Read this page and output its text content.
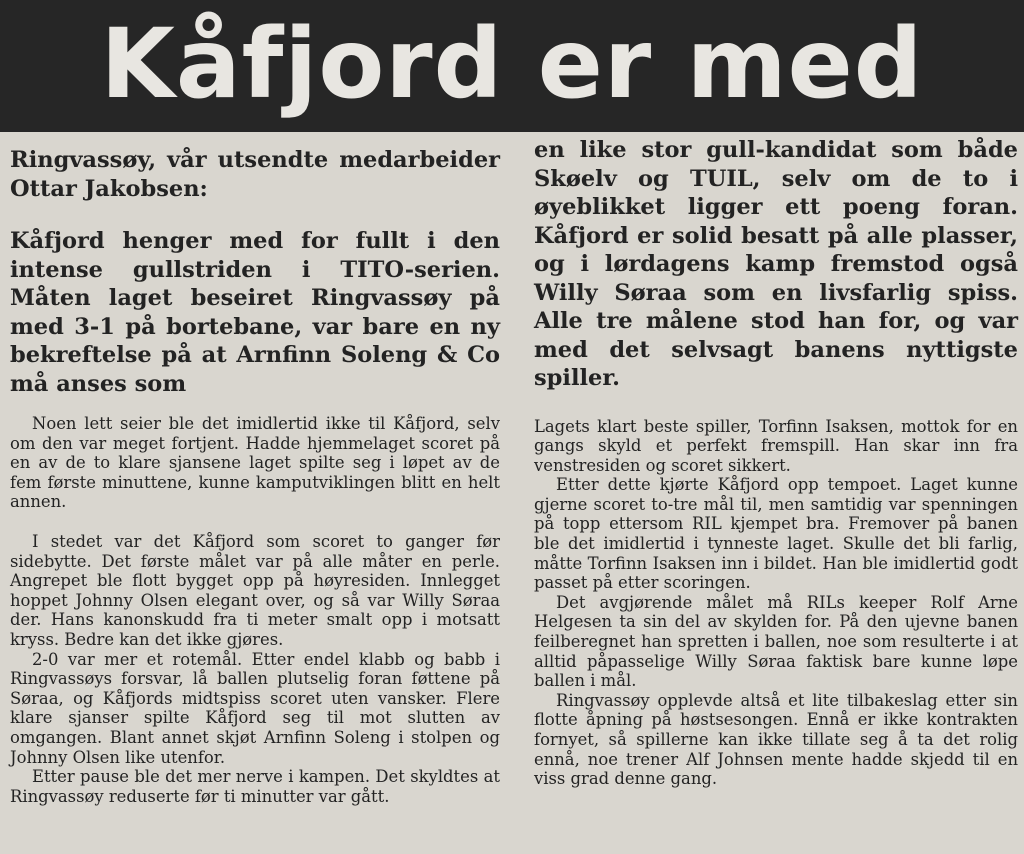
Kåfjord er med

Ringvassøy, vår utsendte medarbeider Ottar Jakobsen:

Kåfjord henger med for fullt i den intense gullstriden i TITO-serien. Måten laget beseiret Ringvassøy på med 3-1 på bortebane, var bare en ny bekreftelse på at Arnfinn Soleng & Co må anses som

Noen lett seier ble det imidlertid ikke til Kåfjord, selv om den var meget fortjent. Hadde hjemmelaget scoret på en av de to klare sjansene laget spilte seg i løpet av de fem første minuttene, kunne kamputviklingen blitt en helt annen.

I stedet var det Kåfjord som scoret to ganger før sidebytte. Det første målet var på alle måter en perle. Angrepet ble flott bygget opp på høyresiden. Innlegget hoppet Johnny Olsen elegant over, og så var Willy Søraa der. Hans kanonskudd fra ti meter smalt opp i motsatt kryss. Bedre kan det ikke gjøres.

2-0 var mer et rotemål. Etter endel klabb og babb i Ringvassøys forsvar, lå ballen plutselig foran føttene på Søraa, og Kåfjords midtspiss scoret uten vansker. Flere klare sjanser spilte Kåfjord seg til mot slutten av omgangen. Blant annet skjøt Arnfinn Soleng i stolpen og Johnny Olsen like utenfor.

Etter pause ble det mer nerve i kampen. Det skyldtes at Ringvassøy reduserte før ti minutter var gått.

en like stor gull-kandidat som både Skøelv og TUIL, selv om de to i øyeblikket ligger ett poeng foran. Kåfjord er solid besatt på alle plasser, og i lørdagens kamp fremstod også Willy Søraa som en livsfarlig spiss. Alle tre målene stod han for, og var med det selvsagt banens nyttigste spiller.

Lagets klart beste spiller, Torfinn Isaksen, mottok for en gangs skyld et perfekt fremspill. Han skar inn fra venstresiden og scoret sikkert.

Etter dette kjørte Kåfjord opp tempoet. Laget kunne gjerne scoret to-tre mål til, men samtidig var spenningen på topp ettersom RIL kjempet bra. Fremover på banen ble det imidlertid i tynneste laget. Skulle det bli farlig, måtte Torfinn Isaksen inn i bildet. Han ble imidlertid godt passet på etter scoringen.

Det avgjørende målet må RILs keeper Rolf Arne Helgesen ta sin del av skylden for. På den ujevne banen feilberegnet han spretten i ballen, noe som resulterte i at alltid påpasselige Willy Søraa faktisk bare kunne løpe ballen i mål.

Ringvassøy opplevde altså et lite tilbakeslag etter sin flotte åpning på høstsesongen. Ennå er ikke kontrakten fornyet, så spillerne kan ikke tillate seg å ta det rolig ennå, noe trener Alf Johnsen mente hadde skjedd til en viss grad denne gang.
